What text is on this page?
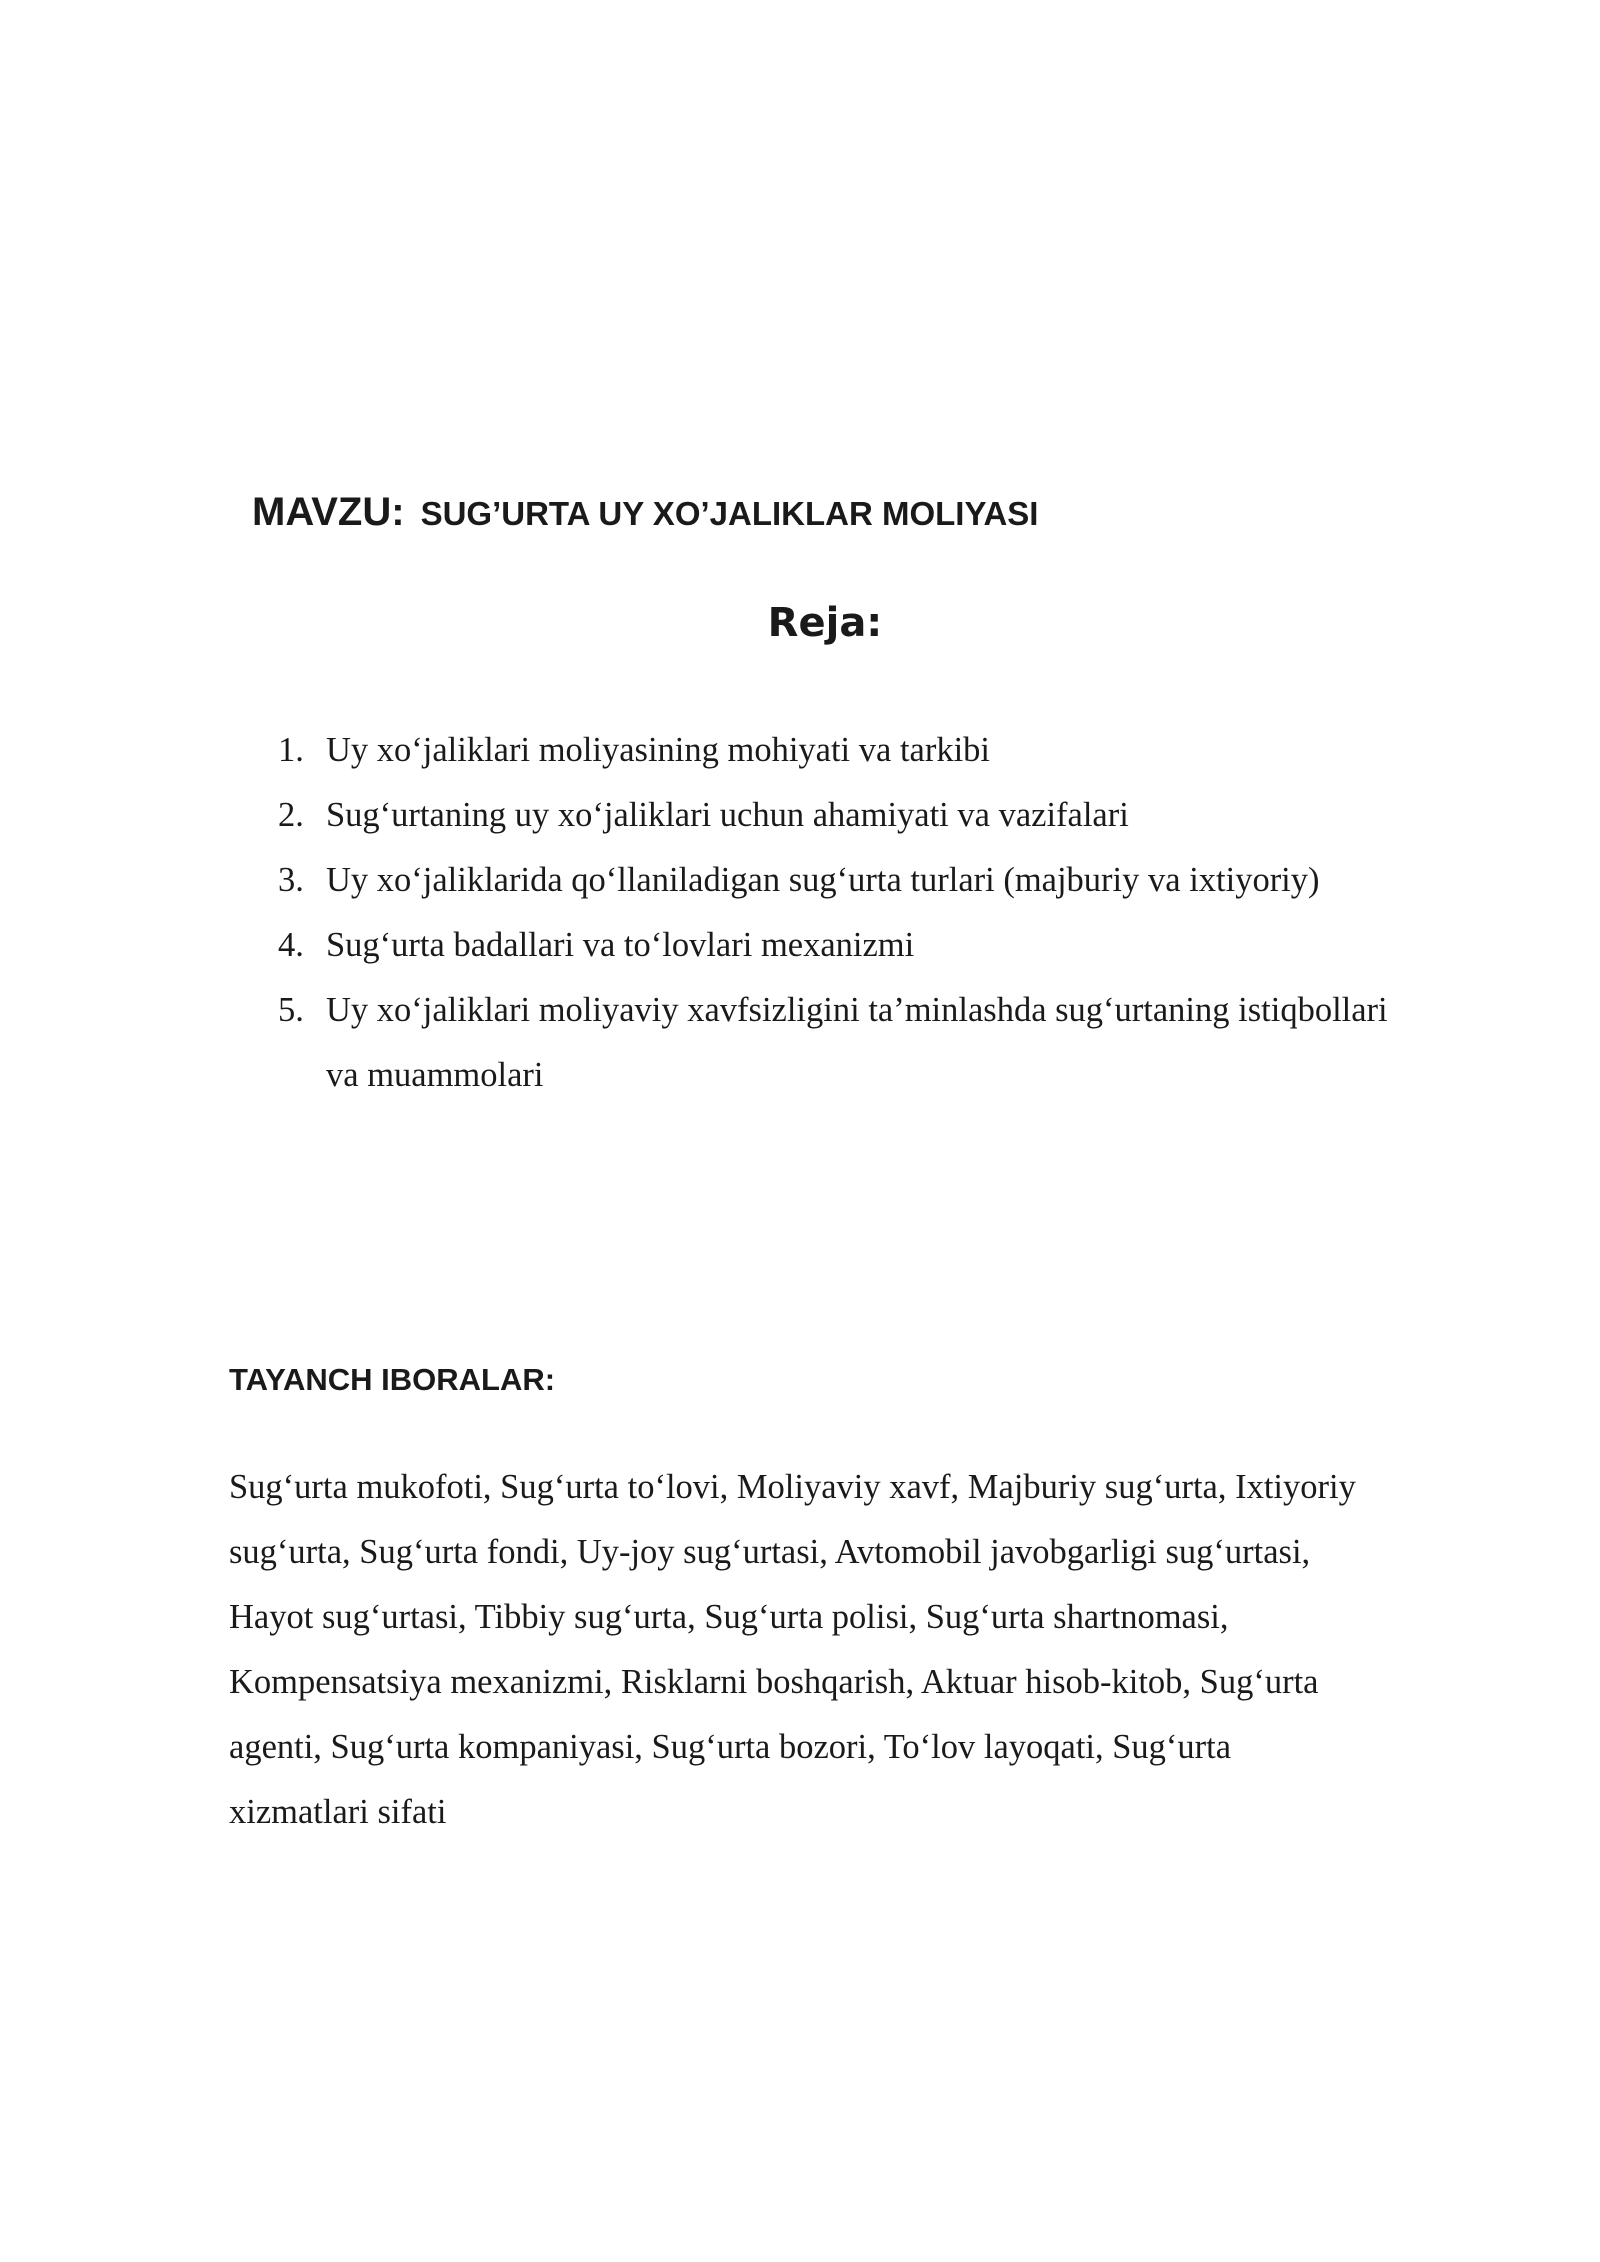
MAVZU: SUG’URTA UY XO’JALIKLAR MOLIYASI
Reja:
1. Uy xo‘jaliklari moliyasining mohiyati va tarkibi
2. Sug‘urtaning uy xo‘jaliklari uchun ahamiyati va vazifalari
3. Uy xo‘jaliklarida qo‘llaniladigan sug‘urta turlari (majburiy va ixtiyoriy)
4. Sug‘urta badallari va to‘lovlari mexanizmi
5. Uy xo‘jaliklari moliyaviy xavfsizligini ta’minlashda sug‘urtaning istiqbollari
va muammolari
TAYANCH IBORALAR:

Sug‘urta mukofoti, Sug‘urta to‘lovi, Moliyaviy xavf, Majburiy sug‘urta, Ixtiyoriy
sug‘urta, Sug‘urta fondi, Uy-joy sug‘urtasi, Avtomobil javobgarligi sug‘urtasi,
Hayot sug‘urtasi, Tibbiy sug‘urta, Sug‘urta polisi, Sug‘urta shartnomasi,
Kompensatsiya mexanizmi, Risklarni boshqarish, Aktuar hisob-kitob, Sug‘urta
agenti, Sug‘urta kompaniyasi, Sug‘urta bozori, To‘lov layoqati, Sug‘urta
xizmatlari sifati
